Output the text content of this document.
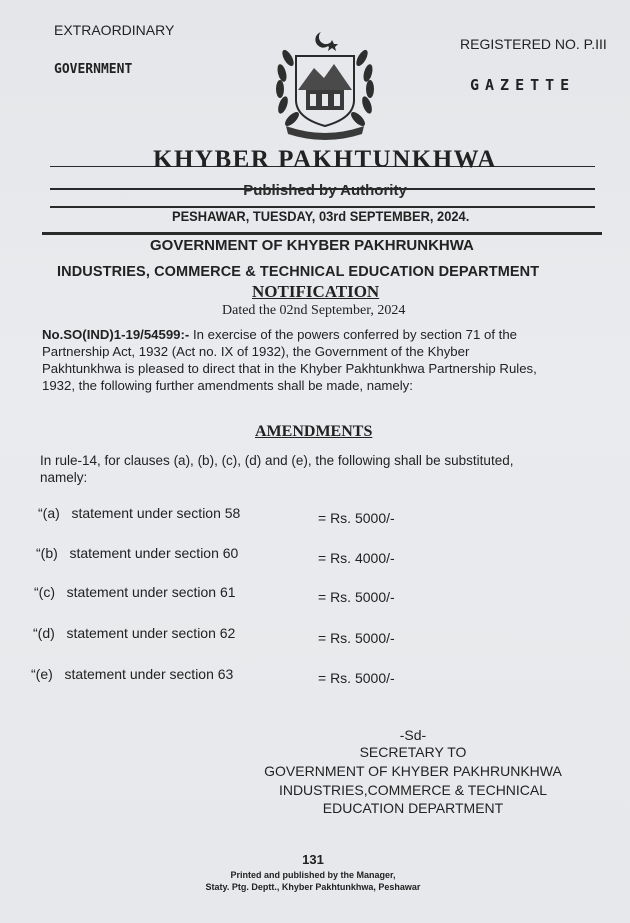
EXTRAORDINARY
GOVERNMENT
REGISTERED NO. P.III
GAZETTE
KHYBER PAKHTUNKHWA
Published by Authority
PESHAWAR, TUESDAY, 03rd SEPTEMBER, 2024.
GOVERNMENT OF KHYBER PAKHRUNKHWA
INDUSTRIES, COMMERCE & TECHNICAL EDUCATION DEPARTMENT
NOTIFICATION
Dated the 02nd September, 2024
No.SO(IND)1-19/54599:- In exercise of the powers conferred by section 71 of the
Partnership Act, 1932 (Act no. IX of 1932), the Government of the Khyber
Pakhtunkhwa is pleased to direct that in the Khyber Pakhtunkhwa Partnership Rules,
1932, the following further amendments shall be made, namely:
AMENDMENTS
In rule-14, for clauses (a), (b), (c), (d) and (e), the following shall be substituted,
namely:
“(a) statement under section 58	= Rs. 5000/-
“(b) statement under section 60	= Rs. 4000/-
“(c) statement under section 61	= Rs. 5000/-
“(d) statement under section 62	= Rs. 5000/-
“(e) statement under section 63	= Rs. 5000/-
-Sd-
SECRETARY TO
GOVERNMENT OF KHYBER PAKHRUNKHWA
INDUSTRIES,COMMERCE & TECHNICAL
EDUCATION DEPARTMENT
131
Printed and published by the Manager,
Staty. Ptg. Deptt., Khyber Pakhtunkhwa, Peshawar
